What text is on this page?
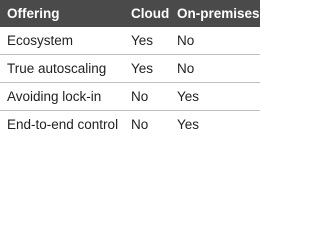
Offering	Cloud	On-premises
Ecosystem	Yes	No
True autoscaling	Yes	No
Avoiding lock-in	No	Yes
End-to-end control	No	Yes
